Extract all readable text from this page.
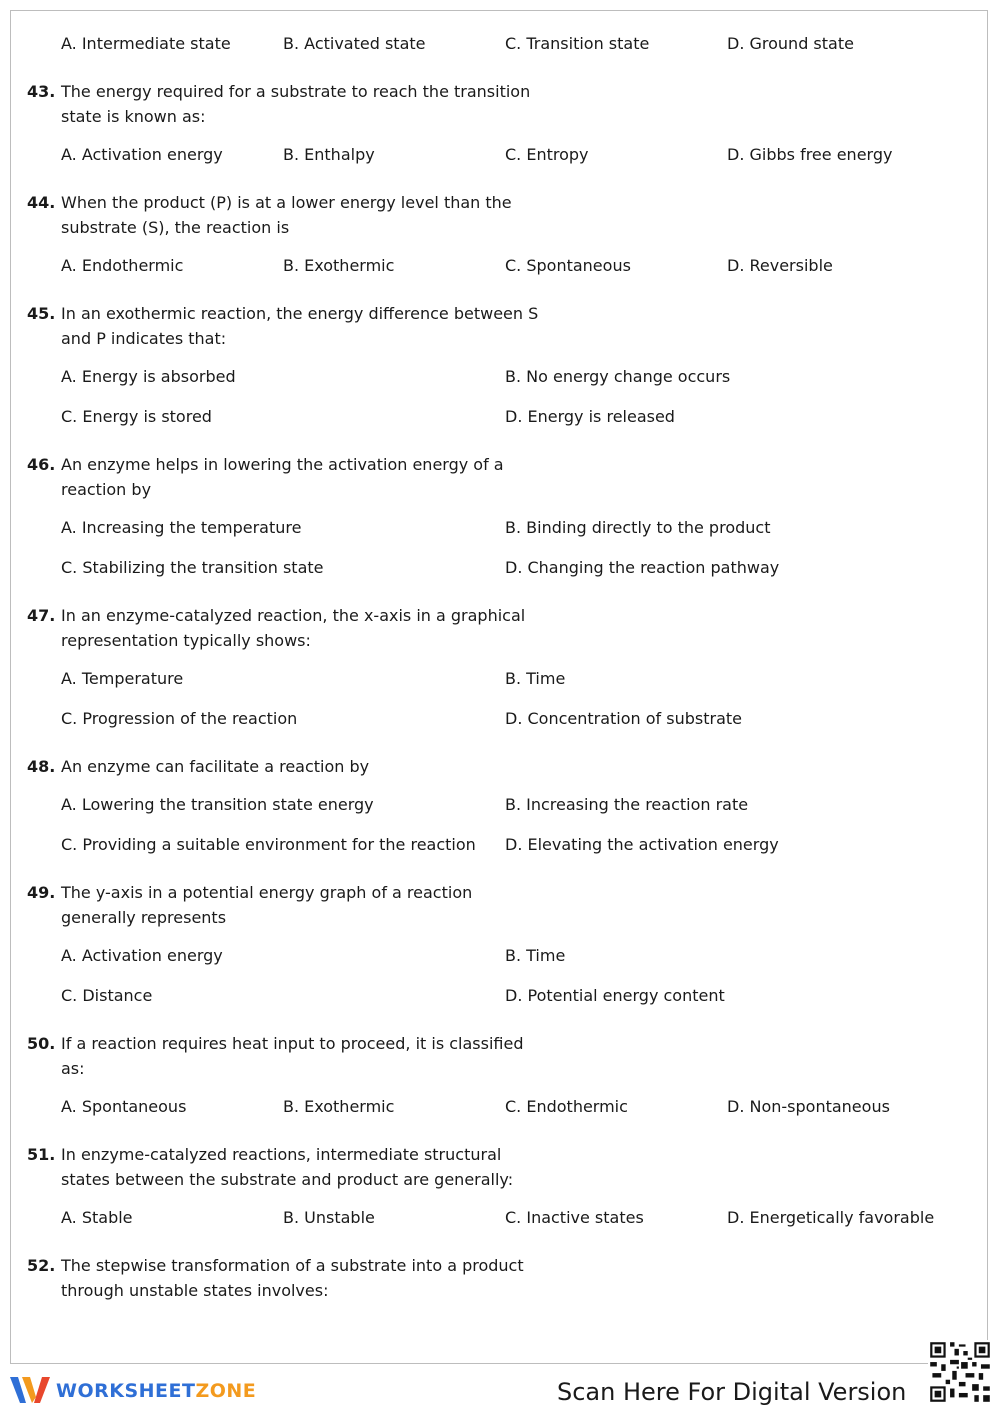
A. Intermediate state	B. Activated state	C. Transition state	D. Ground state
43. The energy required for a substrate to reach the transition state is known as:
A. Activation energy	B. Enthalpy	C. Entropy	D. Gibbs free energy
44. When the product (P) is at a lower energy level than the substrate (S), the reaction is
A. Endothermic	B. Exothermic	C. Spontaneous	D. Reversible
45. In an exothermic reaction, the energy difference between S and P indicates that:
A. Energy is absorbed	B. No energy change occurs
C. Energy is stored	D. Energy is released
46. An enzyme helps in lowering the activation energy of a reaction by
A. Increasing the temperature	B. Binding directly to the product
C. Stabilizing the transition state	D. Changing the reaction pathway
47. In an enzyme-catalyzed reaction, the x-axis in a graphical representation typically shows:
A. Temperature	B. Time
C. Progression of the reaction	D. Concentration of substrate
48. An enzyme can facilitate a reaction by
A. Lowering the transition state energy	B. Increasing the reaction rate
C. Providing a suitable environment for the reaction	D. Elevating the activation energy
49. The y-axis in a potential energy graph of a reaction generally represents
A. Activation energy	B. Time
C. Distance	D. Potential energy content
50. If a reaction requires heat input to proceed, it is classified as:
A. Spontaneous	B. Exothermic	C. Endothermic	D. Non-spontaneous
51. In enzyme-catalyzed reactions, intermediate structural states between the substrate and product are generally:
A. Stable	B. Unstable	C. Inactive states	D. Energetically favorable
52. The stepwise transformation of a substrate into a product through unstable states involves:
WORKSHEETZONE	Scan Here For Digital Version
